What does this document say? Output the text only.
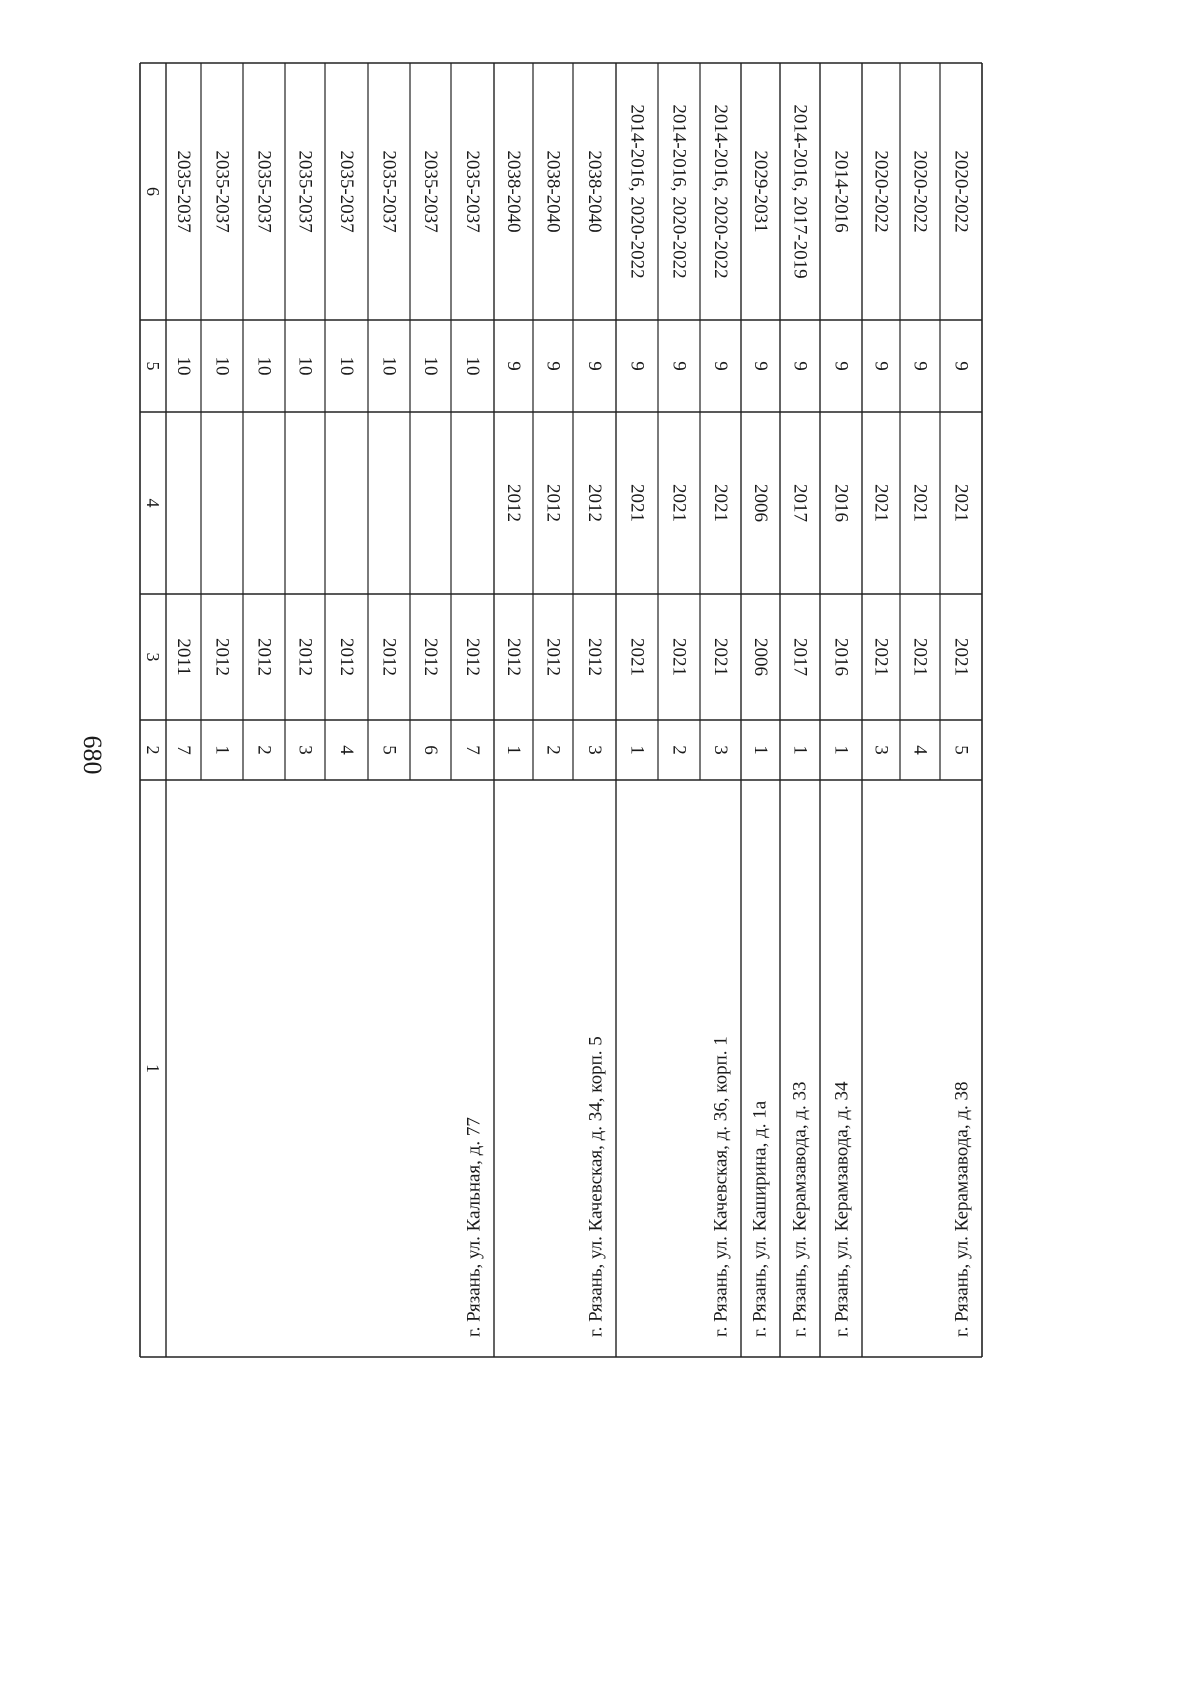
680
1
2
3
4
5
6
7
2011
10
2035-2037
1
2012
10
2035-2037
2
2012
10
2035-2037
3
2012
10
2035-2037
4
2012
10
2035-2037
5
2012
10
2035-2037
6
2012
10
2035-2037
7
2012
10
2035-2037
г. Рязань, ул. Кальная, д. 77
1
2012
2012
9
2038-2040
2
2012
2012
9
2038-2040
3
2012
2012
9
2038-2040
г. Рязань, ул. Качевская, д. 34, корп. 5
1
2021
2021
9
2014-2016, 2020-2022
2
2021
2021
9
2014-2016, 2020-2022
3
2021
2021
9
2014-2016, 2020-2022
г. Рязань, ул. Качевская, д. 36, корп. 1
1
2006
2006
9
2029-2031
г. Рязань, ул. Каширина, д. 1а
1
2017
2017
9
2014-2016, 2017-2019
г. Рязань, ул. Керамзавода, д. 33
1
2016
2016
9
2014-2016
г. Рязань, ул. Керамзавода, д. 34
3
2021
2021
9
2020-2022
4
2021
2021
9
2020-2022
5
2021
2021
9
2020-2022
г. Рязань, ул. Керамзавода, д. 38
